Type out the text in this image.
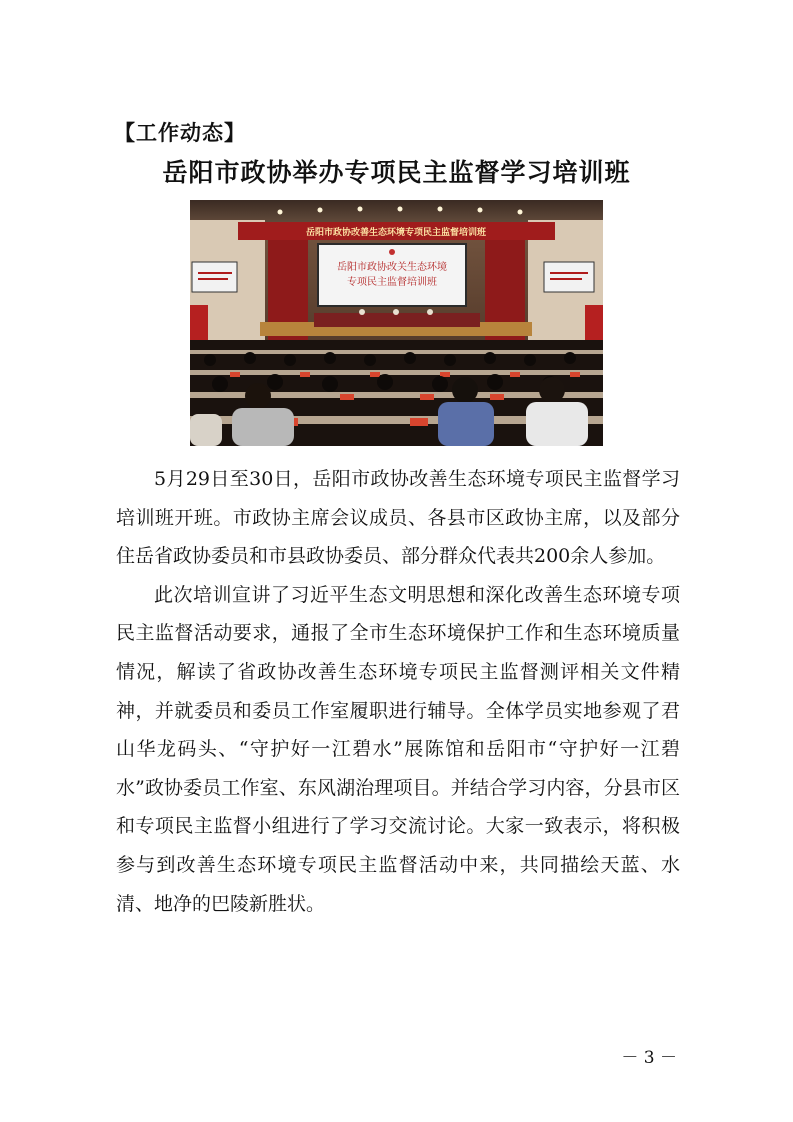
【工作动态】
岳阳市政协举办专项民主监督学习培训班
岳阳市政协改善生态环境专项民主监督培训班
岳阳市政协改关生态环境
专项民主监督培训班

5月29日至30日，岳阳市政协改善生态环境专项民主监督学习培训班开班。市政协主席会议成员、各县市区政协主席，以及部分住岳省政协委员和市县政协委员、部分群众代表共200余人参加。

此次培训宣讲了习近平生态文明思想和深化改善生态环境专项民主监督活动要求，通报了全市生态环境保护工作和生态环境质量情况，解读了省政协改善生态环境专项民主监督测评相关文件精神，并就委员和委员工作室履职进行辅导。全体学员实地参观了君山华龙码头、“守护好一江碧水”展陈馆和岳阳市“守护好一江碧水”政协委员工作室、东风湖治理项目。并结合学习内容，分县市区和专项民主监督小组进行了学习交流讨论。大家一致表示，将积极参与到改善生态环境专项民主监督活动中来，共同描绘天蓝、水清、地净的巴陵新胜状。

－ 3 －
